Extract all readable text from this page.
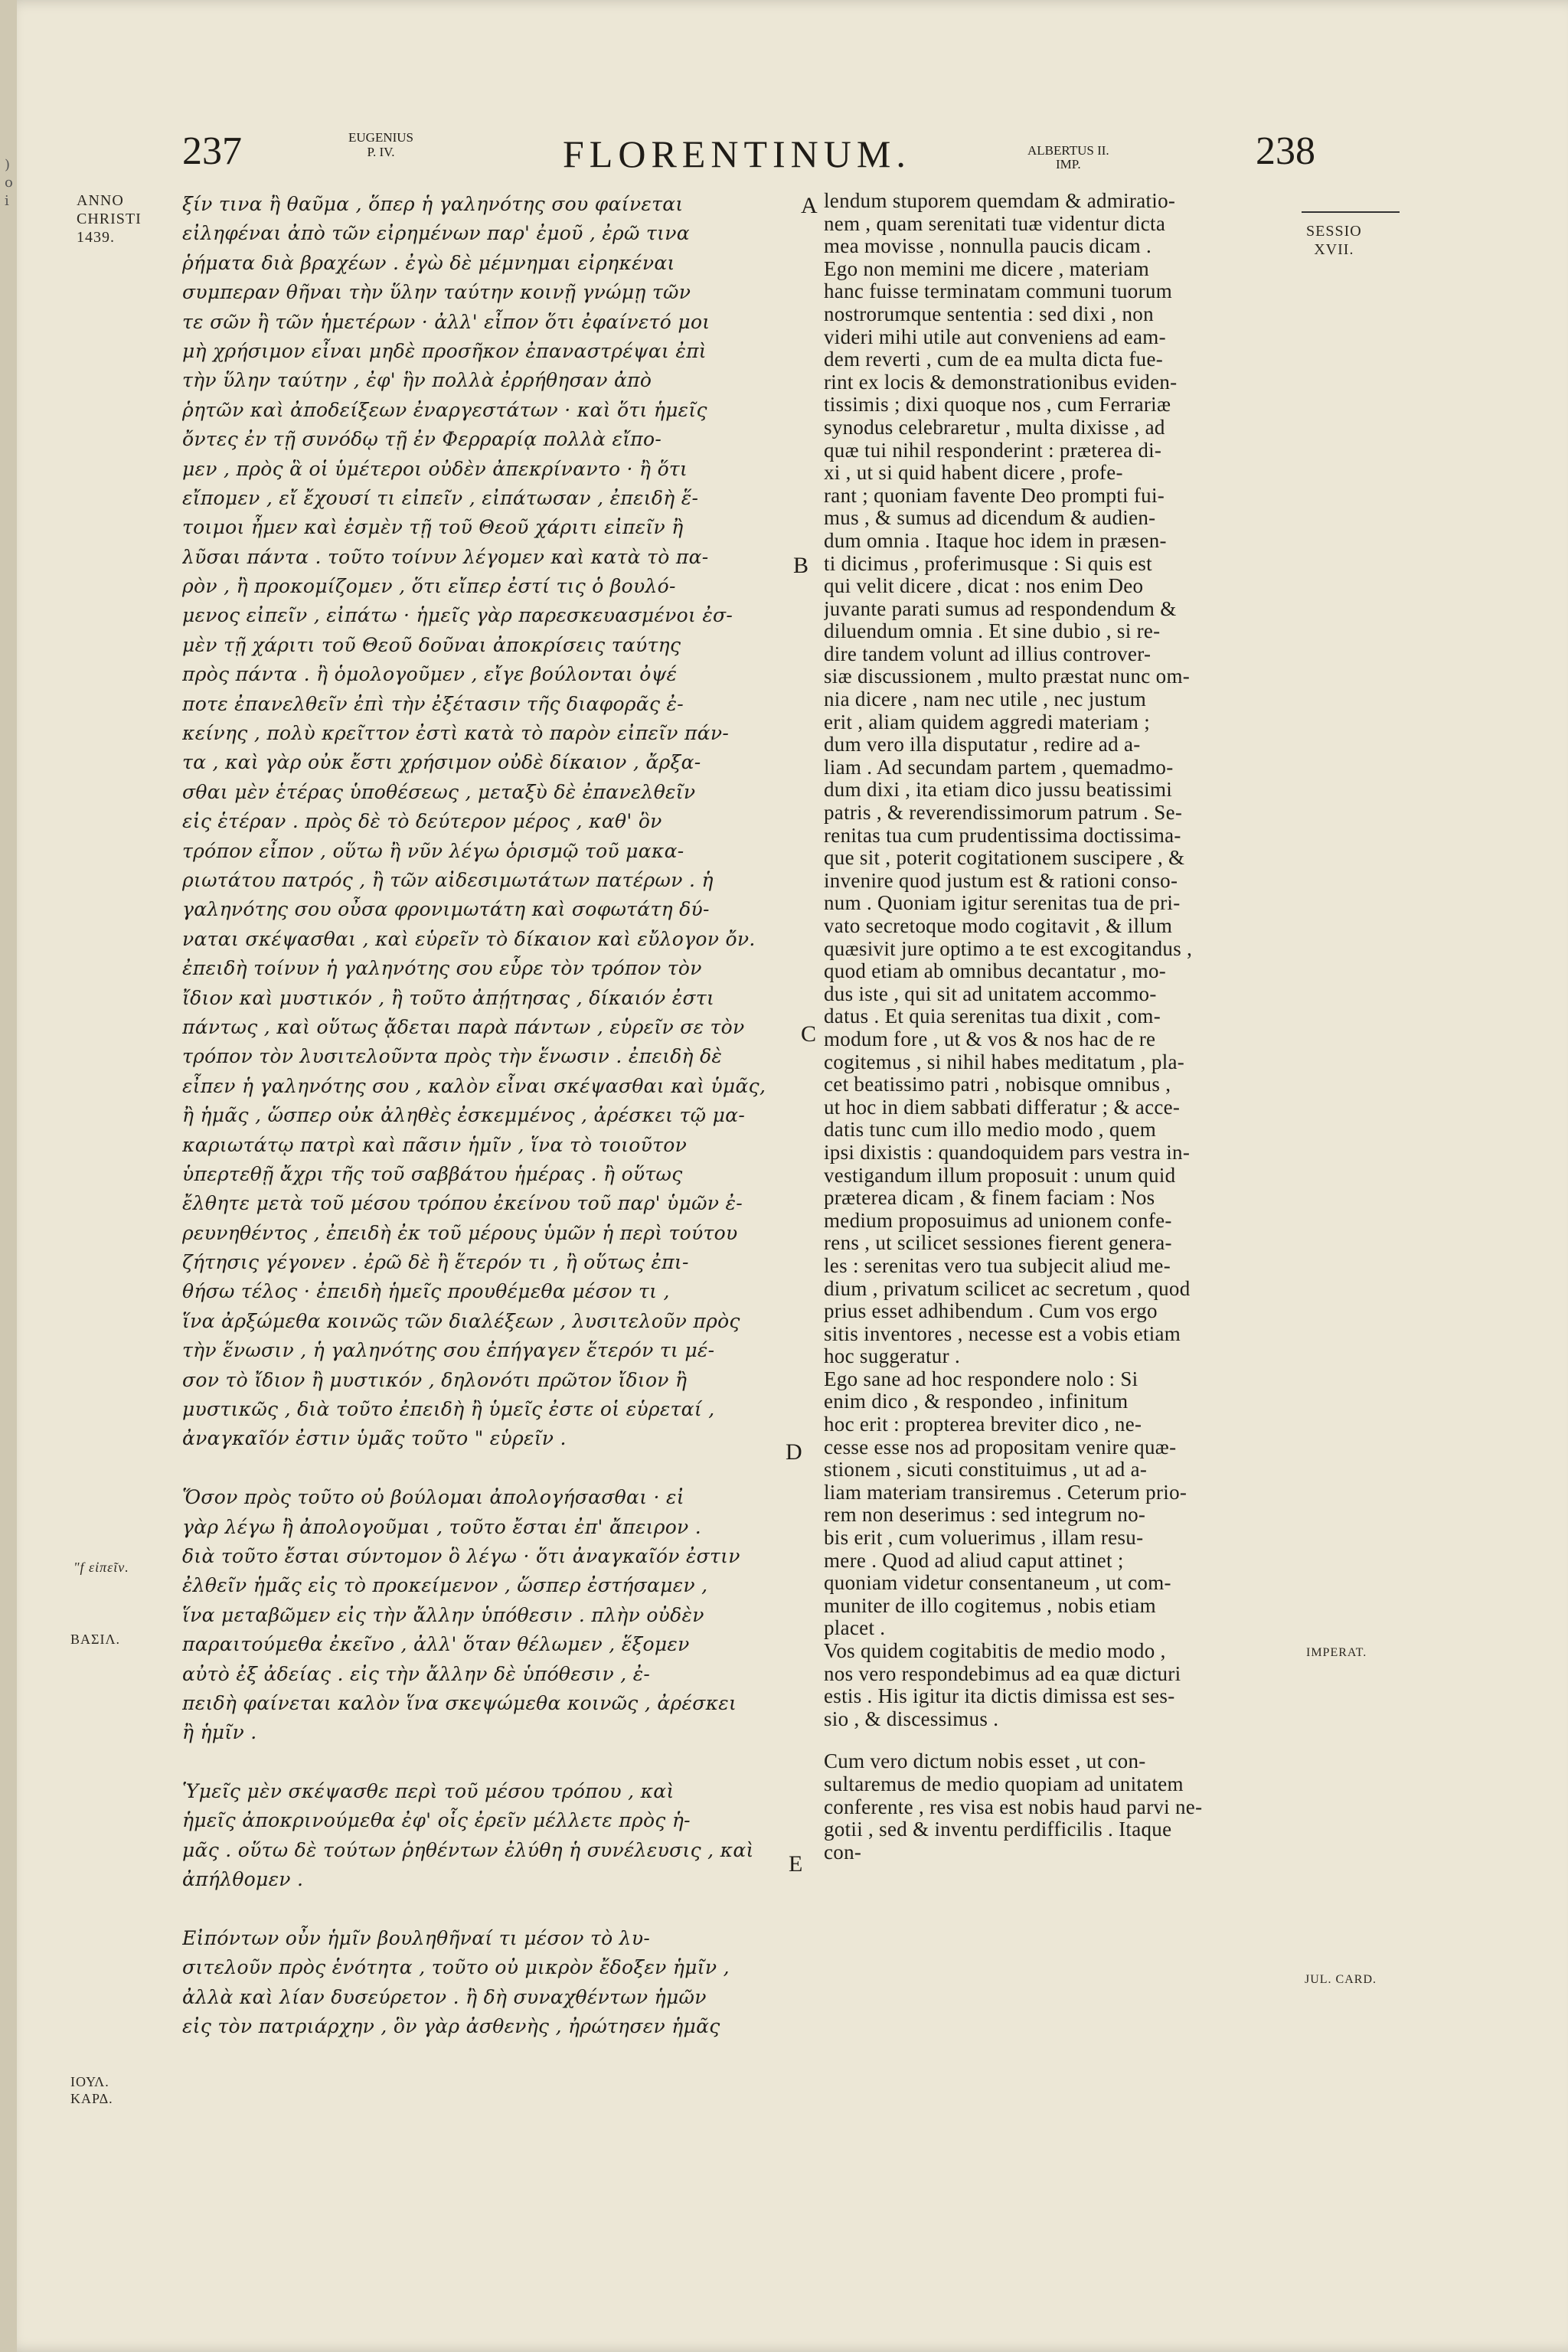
)
o
i
237	EUGENIUS
P. IV.	FLORENTINUM.	ALBERTUS II.
IMP.	238
ANNO
CHRISTI
1439.
"f εἰπεῖν.
ΒΑΣΙΛ.
ΙΟΥΛ.
ΚΑΡΔ.
SESSIO
XVII.
IMPERAT.
JUL. CARD.
A
B
C
D
E
ξίν τινα ἢ θαῦμα , ὅπερ ἡ γαληνότης σου φαίνεται
εἰληφέναι ἀπὸ τῶν εἰρημένων παρ' ἐμοῦ , ἐρῶ τινα
ῥήματα διὰ βραχέων . ἐγὼ δὲ μέμνημαι εἰρηκέναι
συμπεραν θῆναι τὴν ὕλην ταύτην κοινῇ γνώμῃ τῶν
τε σῶν ἢ τῶν ἡμετέρων · ἀλλ' εἶπον ὅτι ἐφαίνετό μοι
μὴ χρήσιμον εἶναι μηδὲ προσῆκον ἐπαναστρέψαι ἐπὶ
τὴν ὕλην ταύτην , ἐφ' ἣν πολλὰ ἐρρήθησαν ἀπὸ
ῥητῶν καὶ ἀποδείξεων ἐναργεστάτων · καὶ ὅτι ἡμεῖς
ὄντες ἐν τῇ συνόδῳ τῇ ἐν Φερραρίᾳ πολλὰ εἴπο-
μεν , πρὸς ἃ οἱ ὑμέτεροι οὐδὲν ἀπεκρίναντο · ἢ ὅτι
εἴπομεν , εἴ ἔχουσί τι εἰπεῖν , εἰπάτωσαν , ἐπειδὴ ἕ-
τοιμοι ἦμεν καὶ ἐσμὲν τῇ τοῦ Θεοῦ χάριτι εἰπεῖν ἢ
λῦσαι πάντα . τοῦτο τοίνυν λέγομεν καὶ κατὰ τὸ πα-
ρὸν , ἢ προκομίζομεν , ὅτι εἴπερ ἐστί τις ὁ βουλό-
μενος εἰπεῖν , εἰπάτω · ἡμεῖς γὰρ παρεσκευασμένοι ἐσ-
μὲν τῇ χάριτι τοῦ Θεοῦ δοῦναι ἀποκρίσεις ταύτης
πρὸς πάντα . ἢ ὁμολογοῦμεν , εἴγε βούλονται ὀψέ
ποτε ἐπανελθεῖν ἐπὶ τὴν ἐξέτασιν τῆς διαφορᾶς ἐ-
κείνης , πολὺ κρεῖττον ἐστὶ κατὰ τὸ παρὸν εἰπεῖν πάν-
τα , καὶ γὰρ οὐκ ἔστι χρήσιμον οὐδὲ δίκαιον , ἄρξα-
σθαι μὲν ἑτέρας ὑποθέσεως , μεταξὺ δὲ ἐπανελθεῖν
εἰς ἑτέραν . πρὸς δὲ τὸ δεύτερον μέρος , καθ' ὃν
τρόπον εἶπον , οὕτω ἢ νῦν λέγω ὁρισμῷ τοῦ μακα-
ριωτάτου πατρός , ἢ τῶν αἰδεσιμωτάτων πατέρων . ἡ
γαληνότης σου οὖσα φρονιμωτάτη καὶ σοφωτάτη δύ-
ναται σκέψασθαι , καὶ εὑρεῖν τὸ δίκαιον καὶ εὔλογον ὄν.
ἐπειδὴ τοίνυν ἡ γαληνότης σου εὗρε τὸν τρόπον τὸν
ἴδιον καὶ μυστικόν , ἢ τοῦτο ἀπῄτησας , δίκαιόν ἐστι
πάντως , καὶ οὕτως ᾄδεται παρὰ πάντων , εὑρεῖν σε τὸν
τρόπον τὸν λυσιτελοῦντα πρὸς τὴν ἕνωσιν . ἐπειδὴ δὲ
εἶπεν ἡ γαληνότης σου , καλὸν εἶναι σκέψασθαι καὶ ὑμᾶς,
ἢ ἡμᾶς , ὥσπερ οὐκ ἀληθὲς ἐσκεμμένος , ἀρέσκει τῷ μα-
καριωτάτῳ πατρὶ καὶ πᾶσιν ἡμῖν , ἵνα τὸ τοιοῦτον
ὑπερτεθῇ ἄχρι τῆς τοῦ σαββάτου ἡμέρας . ἢ οὕτως
ἔλθητε μετὰ τοῦ μέσου τρόπου ἐκείνου τοῦ παρ' ὑμῶν ἐ-
ρευνηθέντος , ἐπειδὴ ἐκ τοῦ μέρους ὑμῶν ἡ περὶ τούτου
ζήτησις γέγονεν . ἐρῶ δὲ ἢ ἕτερόν τι , ἢ οὕτως ἐπι-
θήσω τέλος · ἐπειδὴ ἡμεῖς προυθέμεθα μέσον τι ,
ἵνα ἀρξώμεθα κοινῶς τῶν διαλέξεων , λυσιτελοῦν πρὸς
τὴν ἕνωσιν , ἡ γαληνότης σου ἐπήγαγεν ἕτερόν τι μέ-
σον τὸ ἴδιον ἢ μυστικόν , δηλονότι πρῶτον ἴδιον ἢ
μυστικῶς , διὰ τοῦτο ἐπειδὴ ἢ ὑμεῖς ἐστε οἱ εὑρεταί ,
ἀναγκαῖόν ἐστιν ὑμᾶς τοῦτο " εὑρεῖν .
Ὅσον πρὸς τοῦτο οὐ βούλομαι ἀπολογήσασθαι · εἰ
γὰρ λέγω ἢ ἀπολογοῦμαι , τοῦτο ἔσται ἐπ' ἄπειρον .
διὰ τοῦτο ἔσται σύντομον ὃ λέγω · ὅτι ἀναγκαῖόν ἐστιν
ἐλθεῖν ἡμᾶς εἰς τὸ προκείμενον , ὥσπερ ἐστήσαμεν ,
ἵνα μεταβῶμεν εἰς τὴν ἄλλην ὑπόθεσιν . πλὴν οὐδὲν
παραιτούμεθα ἐκεῖνο , ἀλλ' ὅταν θέλωμεν , ἕξομεν
αὐτὸ ἐξ ἀδείας . εἰς τὴν ἄλλην δὲ ὑπόθεσιν , ἐ-
πειδὴ φαίνεται καλὸν ἵνα σκεψώμεθα κοινῶς , ἀρέσκει
ἢ ἡμῖν .
Ὑμεῖς μὲν σκέψασθε περὶ τοῦ μέσου τρόπου , καὶ
ἡμεῖς ἀποκρινούμεθα ἐφ' οἷς ἐρεῖν μέλλετε πρὸς ἡ-
μᾶς . οὕτω δὲ τούτων ῥηθέντων ἐλύθη ἡ συνέλευσις , καὶ
ἀπήλθομεν .
Εἰπόντων οὖν ἡμῖν βουληθῆναί τι μέσον τὸ λυ-
σιτελοῦν πρὸς ἑνότητα , τοῦτο οὐ μικρὸν ἔδοξεν ἡμῖν ,
ἀλλὰ καὶ λίαν δυσεύρετον . ἢ δὴ συναχθέντων ἡμῶν
εἰς τὸν πατριάρχην , ὃν γὰρ ἀσθενὴς , ἠρώτησεν ἡμᾶς
lendum stuporem quemdam & admiratio-
nem , quam serenitati tuæ videntur dicta
mea movisse , nonnulla paucis dicam .
Ego non memini me dicere , materiam
hanc fuisse terminatam communi tuorum
nostrorumque sententia : sed dixi , non
videri mihi utile aut conveniens ad eam-
dem reverti , cum de ea multa dicta fue-
rint ex locis & demonstrationibus eviden-
tissimis ; dixi quoque nos , cum Ferrariæ
synodus celebraretur , multa dixisse , ad
quæ tui nihil responderint : præterea di-
xi , ut si quid habent dicere , profe-
rant ; quoniam favente Deo prompti fui-
mus , & sumus ad dicendum & audien-
dum omnia . Itaque hoc idem in præsen-
ti dicimus , proferimusque : Si quis est
qui velit dicere , dicat : nos enim Deo
juvante parati sumus ad respondendum &
diluendum omnia . Et sine dubio , si re-
dire tandem volunt ad illius controver-
siæ discussionem , multo præstat nunc om-
nia dicere , nam nec utile , nec justum
erit , aliam quidem aggredi materiam ;
dum vero illa disputatur , redire ad a-
liam . Ad secundam partem , quemadmo-
dum dixi , ita etiam dico jussu beatissimi
patris , & reverendissimorum patrum . Se-
renitas tua cum prudentissima doctissima-
que sit , poterit cogitationem suscipere , &
invenire quod justum est & rationi conso-
num . Quoniam igitur serenitas tua de pri-
vato secretoque modo cogitavit , & illum
quæsivit jure optimo a te est excogitandus ,
quod etiam ab omnibus decantatur , mo-
dus iste , qui sit ad unitatem accommo-
datus . Et quia serenitas tua dixit , com-
modum fore , ut & vos & nos hac de re
cogitemus , si nihil habes meditatum , pla-
cet beatissimo patri , nobisque omnibus ,
ut hoc in diem sabbati differatur ; & acce-
datis tunc cum illo medio modo , quem
ipsi dixistis : quandoquidem pars vestra in-
vestigandum illum proposuit : unum quid
præterea dicam , & finem faciam : Nos
medium proposuimus ad unionem confe-
rens , ut scilicet sessiones fierent genera-
les : serenitas vero tua subjecit aliud me-
dium , privatum scilicet ac secretum , quod
prius esset adhibendum . Cum vos ergo
sitis inventores , necesse est a vobis etiam
hoc suggeratur .
Ego sane ad hoc respondere nolo : Si
enim dico , & respondeo , infinitum
hoc erit : propterea breviter dico , ne-
cesse esse nos ad propositam venire quæ-
stionem , sicuti constituimus , ut ad a-
liam materiam transiremus . Ceterum prio-
rem non deserimus : sed integrum no-
bis erit , cum voluerimus , illam resu-
mere . Quod ad aliud caput attinet ;
quoniam videtur consentaneum , ut com-
muniter de illo cogitemus , nobis etiam
placet .
Vos quidem cogitabitis de medio modo ,
nos vero respondebimus ad ea quæ dicturi
estis . His igitur ita dictis dimissa est ses-
sio , & discessimus .
Cum vero dictum nobis esset , ut con-
sultaremus de medio quopiam ad unitatem
conferente , res visa est nobis haud parvi ne-
gotii , sed & inventu perdifficilis . Itaque
con-
